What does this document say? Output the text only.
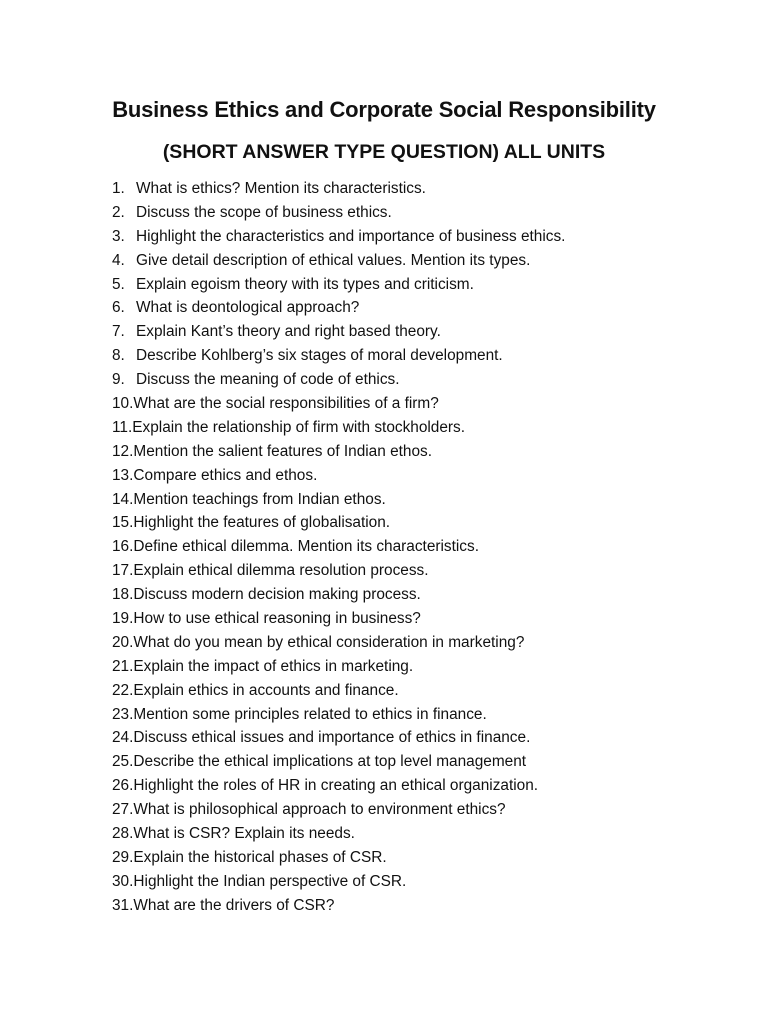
Business Ethics and Corporate Social Responsibility
(SHORT ANSWER TYPE QUESTION) ALL UNITS
1. What is ethics? Mention its characteristics.
2. Discuss the scope of business ethics.
3. Highlight the characteristics and importance of business ethics.
4. Give detail description of ethical values. Mention its types.
5. Explain egoism theory with its types and criticism.
6. What is deontological approach?
7. Explain Kant’s theory and right based theory.
8. Describe Kohlberg’s six stages of moral development.
9. Discuss the meaning of code of ethics.
10. What are the social responsibilities of a firm?
11. Explain the relationship of firm with stockholders.
12. Mention the salient features of Indian ethos.
13. Compare ethics and ethos.
14. Mention teachings from Indian ethos.
15. Highlight the features of globalisation.
16. Define ethical dilemma. Mention its characteristics.
17. Explain ethical dilemma resolution process.
18. Discuss modern decision making process.
19. How to use ethical reasoning in business?
20. What do you mean by ethical consideration in marketing?
21. Explain the impact of ethics in marketing.
22. Explain ethics in accounts and finance.
23. Mention some principles related to ethics in finance.
24. Discuss ethical issues and importance of ethics in finance.
25. Describe the ethical implications at top level management
26. Highlight the roles of HR in creating an ethical organization.
27. What is philosophical approach to environment ethics?
28. What is CSR? Explain its needs.
29. Explain the historical phases of CSR.
30. Highlight the Indian perspective of CSR.
31. What are the drivers of CSR?
